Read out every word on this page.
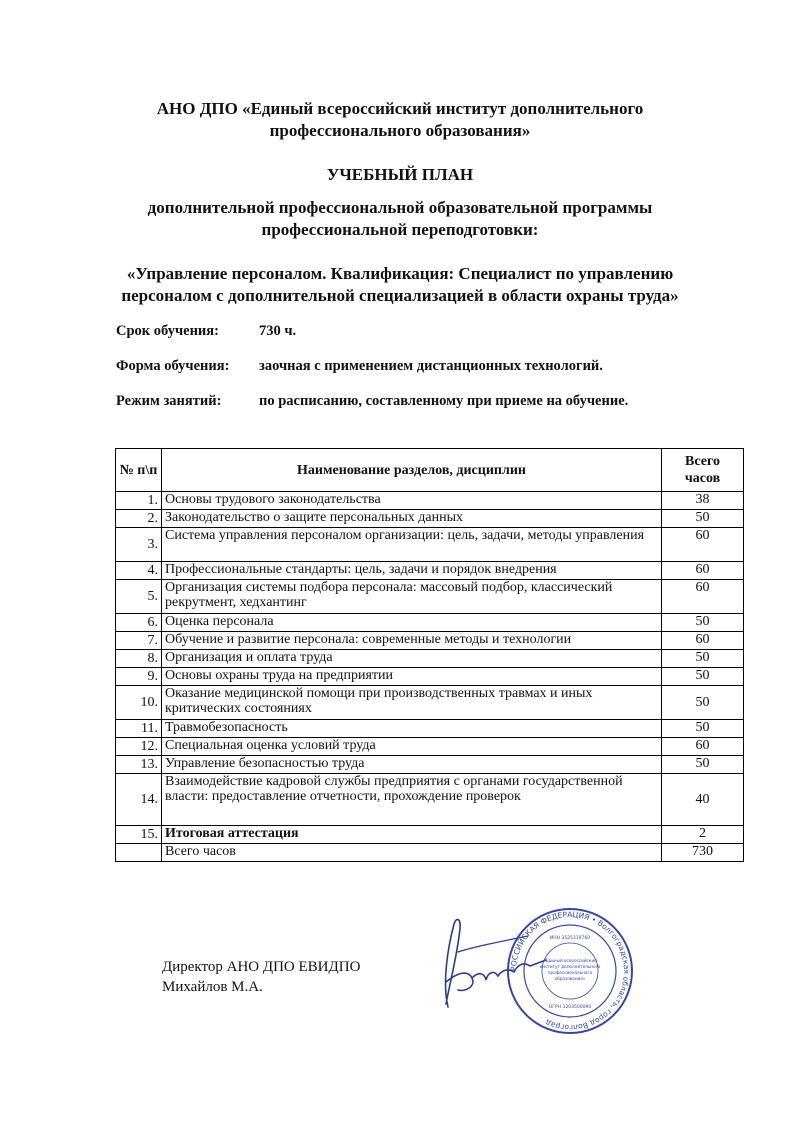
АНО ДПО «Единый всероссийский институт дополнительного
профессионального образования»
УЧЕБНЫЙ ПЛАН
дополнительной профессиональной образовательной программы
профессиональной переподготовки:
«Управление персоналом. Квалификация: Специалист по управлению
персоналом с дополнительной специализацией в области охраны труда»
Срок обучения:	730 ч.
Форма обучения: заочная с применением дистанционных технологий.
Режим занятий:	по расписанию, составленному при приеме на обучение.
№ п\п	Наименование разделов, дисциплин	Всего
часов

1.	Основы трудового законодательства	38
2.	Законодательство о защите персональных данных	50
3.	Система управления персоналом организации: цель, задачи, методы управления	60
4.	Профессиональные стандарты: цель, задачи и порядок внедрения	60
5.	Организация системы подбора персонала: массовый подбор, классический рекрутмент, хедхантинг	60
6.	Оценка персонала	50
7.	Обучение и развитие персонала: современные методы и технологии	60
8.	Организация и оплата труда	50
9.	Основы охраны труда на предприятии	50
10.	Оказание медицинской помощи при производственных травмах и иных критических состояниях	50
11.	Травмобезопасность	50
12.	Специальная оценка условий труда	60
13.	Управление безопасностью труда	50
14.	Взаимодействие кадровой службы предприятия с органами государственной власти: предоставление отчетности, прохождение проверок	40
15.	Итоговая аттестация	2
	Всего часов	730
Директор АНО ДПО ЕВИДПО
Михайлов М.А.
РОССИЙСКАЯ ФЕДЕРАЦИЯ • Волгоградская область, город Волгоград
«Единый всероссийский
институт дополнительного
профессионального
образования»
ИНН 3525319760
ОГРН 1203500090
